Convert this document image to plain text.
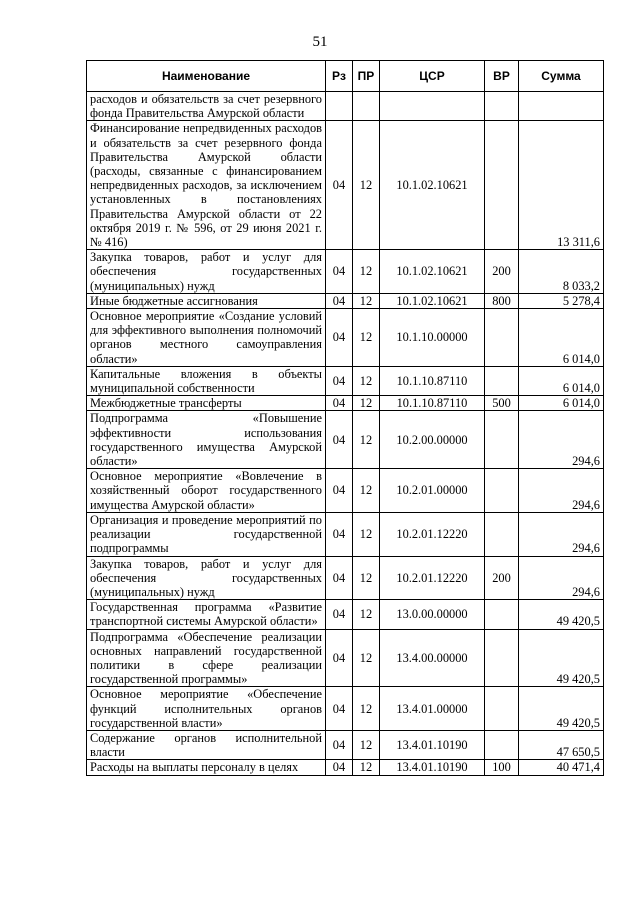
51
Наименование	Рз	ПР	ЦСР	ВР	Сумма
расходов и обязательств за счет резервного фонда Правительства Амурской области					
Финансирование непредвиденных расходов и обязательств за счет резервного фонда Правительства Амурской области (расходы, связанные с финансированием непредвиденных расходов, за исключением установленных в постановлениях Правительства Амурской области от 22 октября 2019 г. № 596, от 29 июня 2021 г. № 416)	04	12	10.1.02.10621		13 311,6
Закупка товаров, работ и услуг для обеспечения государственных (муниципальных) нужд	04	12	10.1.02.10621	200	8 033,2
Иные бюджетные ассигнования	04	12	10.1.02.10621	800	5 278,4
Основное мероприятие «Создание условий для эффективного выполнения полномочий органов местного самоуправления области»	04	12	10.1.10.00000		6 014,0
Капитальные вложения в объекты муниципальной собственности	04	12	10.1.10.87110		6 014,0
Межбюджетные трансферты	04	12	10.1.10.87110	500	6 014,0
Подпрограмма «Повышение эффективности использования государственного имущества Амурской области»	04	12	10.2.00.00000		294,6
Основное мероприятие «Вовлечение в хозяйственный оборот государственного имущества Амурской области»	04	12	10.2.01.00000		294,6
Организация и проведение мероприятий по реализации государственной подпрограммы	04	12	10.2.01.12220		294,6
Закупка товаров, работ и услуг для обеспечения государственных (муниципальных) нужд	04	12	10.2.01.12220	200	294,6
Государственная программа «Развитие транспортной системы Амурской области»	04	12	13.0.00.00000		49 420,5
Подпрограмма «Обеспечение реализации основных направлений государственной политики в сфере реализации государственной программы»	04	12	13.4.00.00000		49 420,5
Основное мероприятие «Обеспечение функций исполнительных органов государственной власти»	04	12	13.4.01.00000		49 420,5
Содержание органов исполнительной власти	04	12	13.4.01.10190		47 650,5
Расходы на выплаты персоналу в целях	04	12	13.4.01.10190	100	40 471,4
